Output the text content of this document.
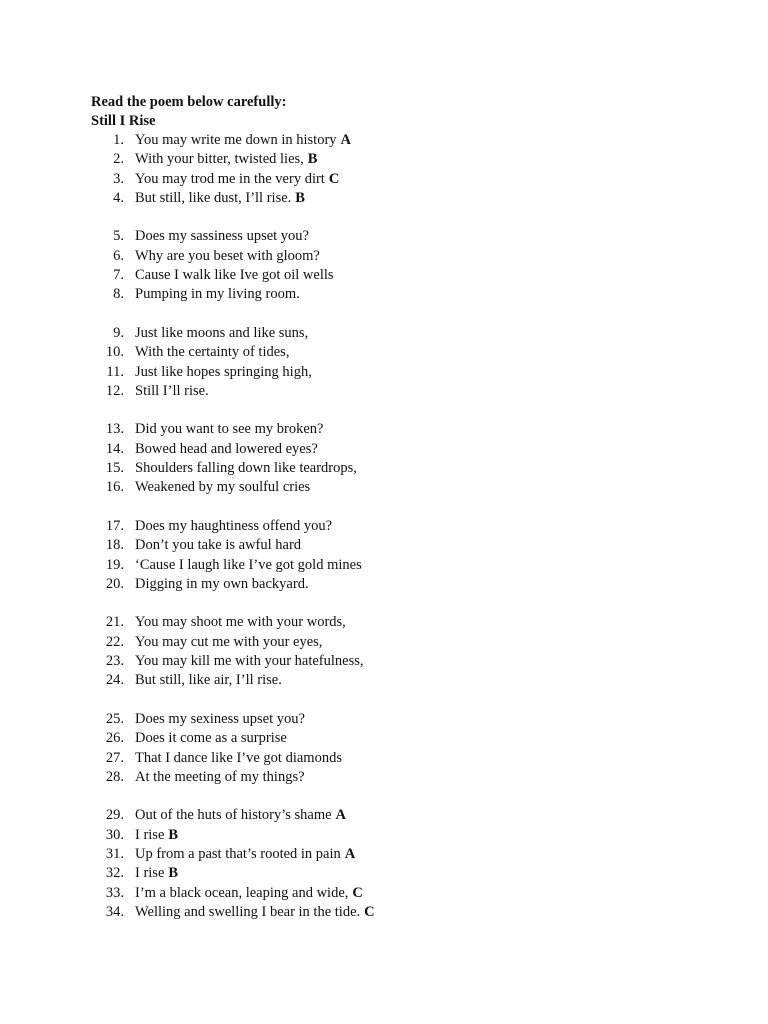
Read the poem below carefully:
Still I Rise
1. You may write me down in history A
2. With your bitter, twisted lies, B
3. You may trod me in the very dirt C
4. But still, like dust, I’ll rise. B
5. Does my sassiness upset you?
6. Why are you beset with gloom?
7. Cause I walk like Ive got oil wells
8. Pumping in my living room.
9. Just like moons and like suns,
10. With the certainty of tides,
11. Just like hopes springing high,
12. Still I’ll rise.
13. Did you want to see my broken?
14. Bowed head and lowered eyes?
15. Shoulders falling down like teardrops,
16. Weakened by my soulful cries
17. Does my haughtiness offend you?
18. Don’t you take is awful hard
19. ‘Cause I laugh like I’ve got gold mines
20. Digging in my own backyard.
21. You may shoot me with your words,
22. You may cut me with your eyes,
23. You may kill me with your hatefulness,
24. But still, like air, I’ll rise.
25. Does my sexiness upset you?
26. Does it come as a surprise
27. That I dance like I’ve got diamonds
28. At the meeting of my things?
29. Out of the huts of history’s shame A
30. I rise B
31. Up from a past that’s rooted in pain A
32. I rise B
33. I’m a black ocean, leaping and wide, C
34. Welling and swelling I bear in the tide. C
